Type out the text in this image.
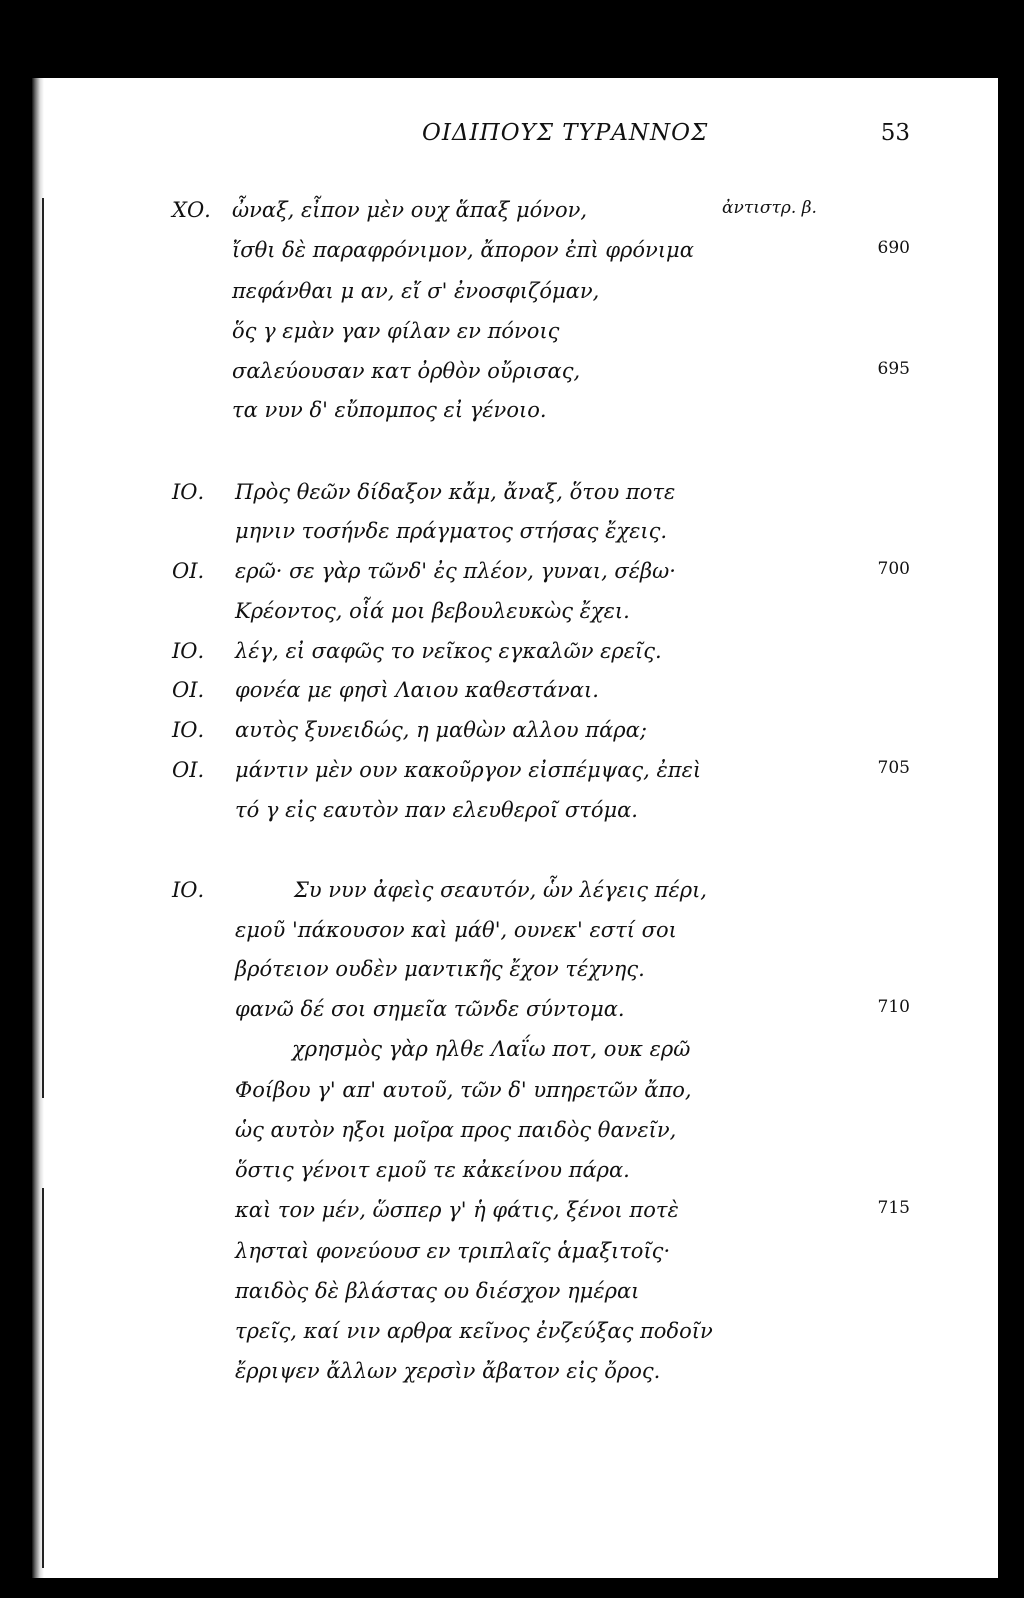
ΟΙΔΙΠΟΥΣ ΤΥΡΑΝΝΟΣ	53
ΧΟ. ὦναξ, εἶπον μὲν ουχ ἅπαξ μόνον,	ἀντιστρ. β.
ἴσθι δὲ παραφρόνιμον, ἄπορον ἐπὶ φρόνιμα	690
πεφάνθαι μ αν, εἴ σ' ἐνοσφιζόμαν,
ὅς γ εμὰν γαν φίλαν εν πόνοις
σαλεύουσαν κατ ὀρθὸν οὔρισας,	695
τα νυν δ' εὔπομπος εἰ γένοιο.
ΙΟ. Πρὸς θεῶν δίδαξον κἄμ, ἄναξ, ὅτου ποτε
μηνιν τοσήνδε πράγματος στήσας ἔχεις.
ΟΙ. ερῶ· σε γὰρ τῶνδ' ἐς πλέον, γυναι, σέβω·	700
Κρέοντος, οἷά μοι βεβουλευκὼς ἔχει.
ΙΟ. λέγ, εἰ σαφῶς το νεῖκος εγκαλῶν ερεῖς.
ΟΙ. φονέα με φησὶ Λαιου καθεστάναι.
ΙΟ. αυτὸς ξυνειδώς, η μαθὼν αλλου πάρα;
ΟΙ. μάντιν μὲν ουν κακοῦργον εἰσπέμψας, ἐπεὶ	705
τό γ εἰς εαυτὸν παν ελευθεροῖ στόμα.
ΙΟ.	Συ νυν ἀφεὶς σεαυτόν, ὧν λέγεις πέρι,
εμοῦ 'πάκουσον καὶ μάθ', ουνεκ' εστί σοι
βρότειον ουδὲν μαντικῆς ἔχον τέχνης.
φανῶ δέ σοι σημεῖα τῶνδε σύντομα.	710
χρησμὸς γὰρ ηλθε Λαΐω ποτ, ουκ ερῶ
Φοίβου γ' απ' αυτοῦ, τῶν δ' υπηρετῶν ἄπο,
ὡς αυτὸν ηξοι μοῖρα προς παιδὸς θανεῖν,
ὅστις γένοιτ εμοῦ τε κἀκείνου πάρα.
καὶ τον μέν, ὥσπερ γ' ἡ φάτις, ξένοι ποτὲ	715
λησταὶ φονεύουσ εν τριπλαῖς ἁμαξιτοῖς·
παιδὸς δὲ βλάστας ου διέσχον ημέραι
τρεῖς, καί νιν αρθρα κεῖνος ἐνζεύξας ποδοῖν
ἔρριψεν ἄλλων χερσὶν ἄβατον εἰς ὄρος.
